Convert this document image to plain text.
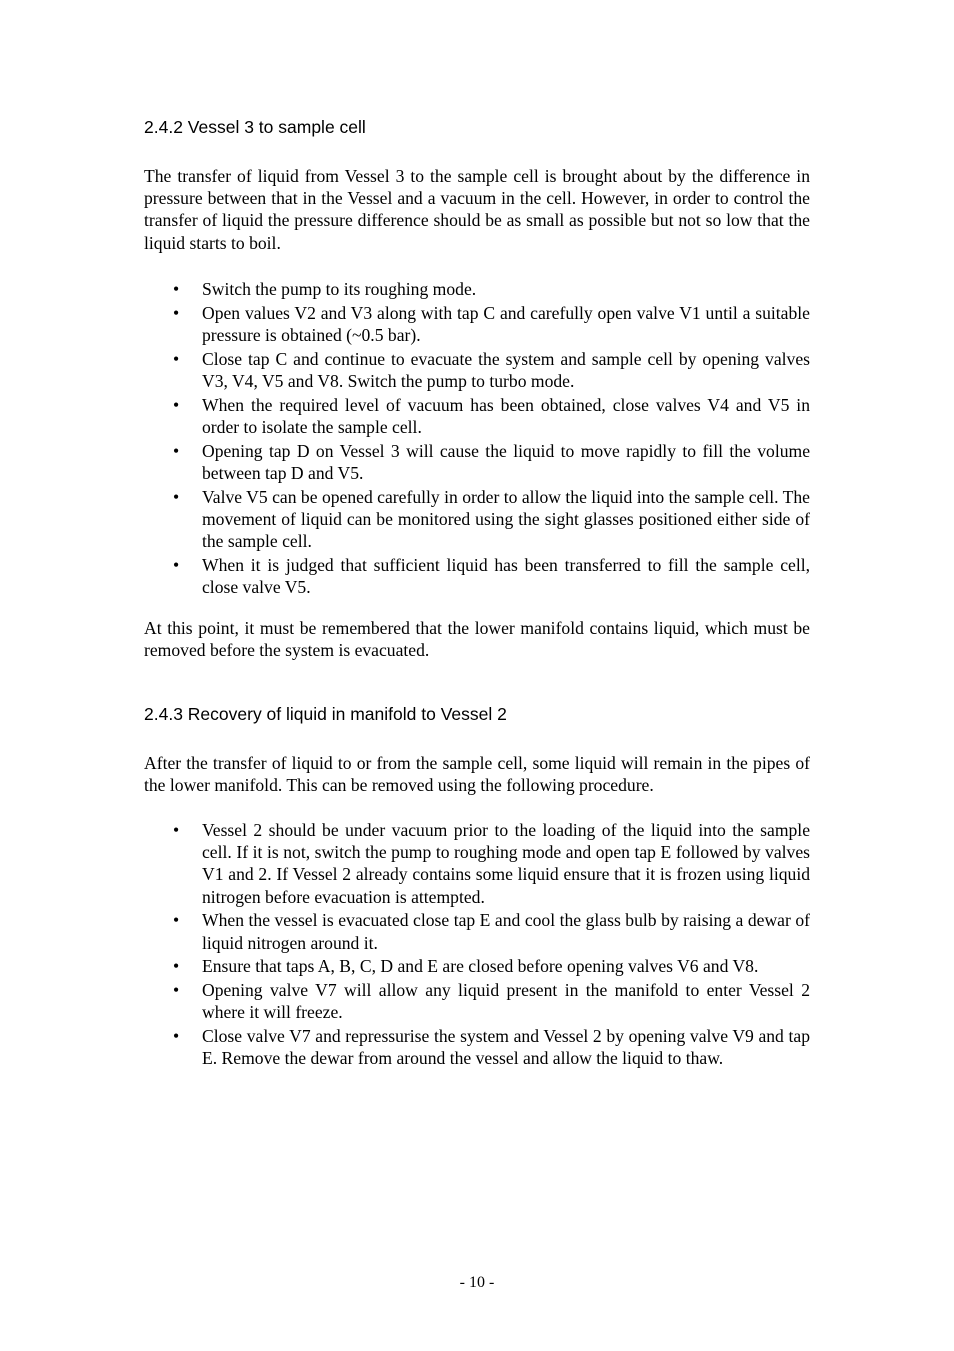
2.4.2 Vessel 3 to sample cell

The transfer of liquid from Vessel 3 to the sample cell is brought about by the difference in pressure between that in the Vessel and a vacuum in the cell. However, in order to control the transfer of liquid the pressure difference should be as small as possible but not so low that the liquid starts to boil.

• Switch the pump to its roughing mode.
• Open values V2 and V3 along with tap C and carefully open valve V1 until a suitable pressure is obtained (~0.5 bar).
• Close tap C and continue to evacuate the system and sample cell by opening valves V3, V4, V5 and V8. Switch the pump to turbo mode.
• When the required level of vacuum has been obtained, close valves V4 and V5 in order to isolate the sample cell.
• Opening tap D on Vessel 3 will cause the liquid to move rapidly to fill the volume between tap D and V5.
• Valve V5 can be opened carefully in order to allow the liquid into the sample cell. The movement of liquid can be monitored using the sight glasses positioned either side of the sample cell.
• When it is judged that sufficient liquid has been transferred to fill the sample cell, close valve V5.

At this point, it must be remembered that the lower manifold contains liquid, which must be removed before the system is evacuated.

2.4.3 Recovery of liquid in manifold to Vessel 2

After the transfer of liquid to or from the sample cell, some liquid will remain in the pipes of the lower manifold. This can be removed using the following procedure.

• Vessel 2 should be under vacuum prior to the loading of the liquid into the sample cell. If it is not, switch the pump to roughing mode and open tap E followed by valves V1 and 2. If Vessel 2 already contains some liquid ensure that it is frozen using liquid nitrogen before evacuation is attempted.
• When the vessel is evacuated close tap E and cool the glass bulb by raising a dewar of liquid nitrogen around it.
• Ensure that taps A, B, C, D and E are closed before opening valves V6 and V8.
• Opening valve V7 will allow any liquid present in the manifold to enter Vessel 2 where it will freeze.
• Close valve V7 and repressurise the system and Vessel 2 by opening valve V9 and tap E. Remove the dewar from around the vessel and allow the liquid to thaw.
- 10 -
